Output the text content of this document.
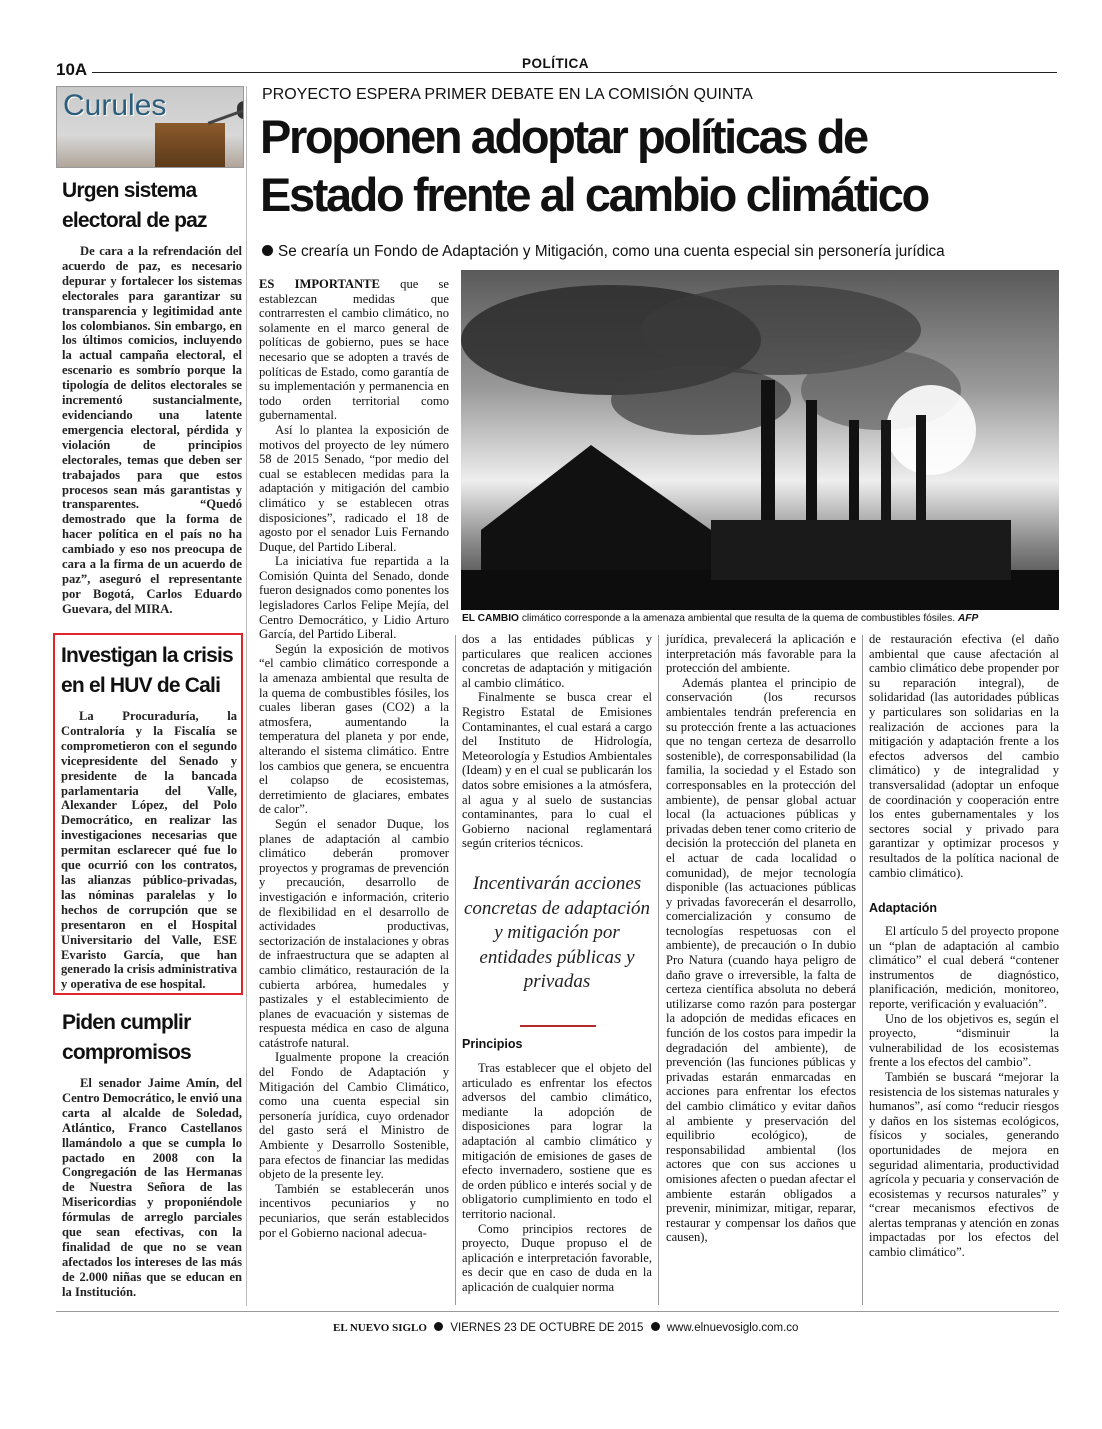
10A	POLÍTICA
Curules
Urgen sistema
electoral de paz

De cara a la refrendación del acuerdo de paz, es necesario depurar y fortalecer los sistemas electorales para garantizar su transparencia y legitimidad ante los colombianos. Sin embargo, en los últimos comicios, incluyendo la actual campaña electoral, el escenario es sombrío porque la tipología de delitos electorales se incrementó sustancialmente, evidenciando una latente emergencia electoral, pérdida y violación de principios electorales, temas que deben ser trabajados para que estos procesos sean más garantistas y transparentes. “Quedó demostrado que la forma de hacer política en el país no ha cambiado y eso nos preocupa de cara a la firma de un acuerdo de paz”, aseguró el representante por Bogotá, Carlos Eduardo Guevara, del MIRA.

Investigan la crisis
en el HUV de Cali

La Procuraduría, la Contraloría y la Fiscalía se comprometieron con el segundo vicepresidente del Senado y presidente de la bancada parlamentaria del Valle, Alexander López, del Polo Democrático, en realizar las investigaciones necesarias que permitan esclarecer qué fue lo que ocurrió con los contratos, las alianzas público-privadas, las nóminas paralelas y lo hechos de corrupción que se presentaron en el Hospital Universitario del Valle, ESE Evaristo García, que han generado la crisis administrativa y operativa de ese hospital.

Piden cumplir
compromisos

El senador Jaime Amín, del Centro Democrático, le envió una carta al alcalde de Soledad, Atlántico, Franco Castellanos llamándolo a que se cumpla lo pactado en 2008 con la Congregación de las Hermanas de Nuestra Señora de las Misericordias y proponiéndole fórmulas de arreglo parciales que sean efectivas, con la finalidad de que no se vean afectados los intereses de las más de 2.000 niñas que se educan en la Institución.

PROYECTO ESPERA PRIMER DEBATE EN LA COMISIÓN QUINTA
Proponen adoptar políticas de
Estado frente al cambio climático
Se crearía un Fondo de Adaptación y Mitigación, como una cuenta especial sin personería jurídica
EL CAMBIO climático corresponde a la amenaza ambiental que resulta de la quema de combustibles fósiles. AFP

ES IMPORTANTE que se establezcan medidas que contrarresten el cambio climático, no solamente en el marco general de políticas de gobierno, pues se hace necesario que se adopten a través de políticas de Estado, como garantía de su implementación y permanencia en todo orden territorial como gubernamental.

Así lo plantea la exposición de motivos del proyecto de ley número 58 de 2015 Senado, “por medio del cual se establecen medidas para la adaptación y mitigación del cambio climático y se establecen otras disposiciones”, radicado el 18 de agosto por el senador Luis Fernando Duque, del Partido Liberal.

La iniciativa fue repartida a la Comisión Quinta del Senado, donde fueron designados como ponentes los legisladores Carlos Felipe Mejía, del Centro Democrático, y Lidio Arturo García, del Partido Liberal.

Según la exposición de motivos “el cambio climático corresponde a la amenaza ambiental que resulta de la quema de combustibles fósiles, los cuales liberan gases (CO2) a la atmosfera, aumentando la temperatura del planeta y por ende, alterando el sistema climático. Entre los cambios que genera, se encuentra el colapso de ecosistemas, derretimiento de glaciares, embates de calor”.

Según el senador Duque, los planes de adaptación al cambio climático deberán promover proyectos y programas de prevención y precaución, desarrollo de investigación e información, criterio de flexibilidad en el desarrollo de actividades productivas, sectorización de instalaciones y obras de infraestructura que se adapten al cambio climático, restauración de la cubierta arbórea, humedales y pastizales y el establecimiento de planes de evacuación y sistemas de respuesta médica en caso de alguna catástrofe natural.

Igualmente propone la creación del Fondo de Adaptación y Mitigación del Cambio Climático, como una cuenta especial sin personería jurídica, cuyo ordenador del gasto será el Ministro de Ambiente y Desarrollo Sostenible, para efectos de financiar las medidas objeto de la presente ley.

También se establecerán unos incentivos pecuniarios y no pecuniarios, que serán establecidos por el Gobierno nacional adecua-

dos a las entidades públicas y particulares que realicen acciones concretas de adaptación y mitigación al cambio climático.

Finalmente se busca crear el Registro Estatal de Emisiones Contaminantes, el cual estará a cargo del Instituto de Hidrología, Meteorología y Estudios Ambientales (Ideam) y en el cual se publicarán los datos sobre emisiones a la atmósfera, al agua y al suelo de sustancias contaminantes, para lo cual el Gobierno nacional reglamentará según criterios técnicos.

Incentivarán acciones concretas de adaptación y mitigación por entidades públicas y privadas
Principios

Tras establecer que el objeto del articulado es enfrentar los efectos adversos del cambio climático, mediante la adopción de disposiciones para lograr la adaptación al cambio climático y mitigación de emisiones de gases de efecto invernadero, sostiene que es de orden público e interés social y de obligatorio cumplimiento en todo el territorio nacional.

Como principios rectores de proyecto, Duque propuso el de aplicación e interpretación favorable, es decir que en caso de duda en la aplicación de cualquier norma

jurídica, prevalecerá la aplicación e interpretación más favorable para la protección del ambiente.

Además plantea el principio de conservación (los recursos ambientales tendrán preferencia en su protección frente a las actuaciones que no tengan certeza de desarrollo sostenible), de corresponsabilidad (la familia, la sociedad y el Estado son corresponsables en la protección del ambiente), de pensar global actuar local (la actuaciones públicas y privadas deben tener como criterio de decisión la protección del planeta en el actuar de cada localidad o comunidad), de mejor tecnología disponible (las actuaciones públicas y privadas favorecerán el desarrollo, comercialización y consumo de tecnologías respetuosas con el ambiente), de precaución o In dubio Pro Natura (cuando haya peligro de daño grave o irreversible, la falta de certeza científica absoluta no deberá utilizarse como razón para postergar la adopción de medidas eficaces en función de los costos para impedir la degradación del ambiente), de prevención (las funciones públicas y privadas estarán enmarcadas en acciones para enfrentar los efectos del cambio climático y evitar daños al ambiente y preservación del equilibrio ecológico), de responsabilidad ambiental (los actores que con sus acciones u omisiones afecten o puedan afectar el ambiente estarán obligados a prevenir, minimizar, mitigar, reparar, restaurar y compensar los daños que causen),

de restauración efectiva (el daño ambiental que cause afectación al cambio climático debe propender por su reparación integral), de solidaridad (las autoridades públicas y particulares son solidarias en la realización de acciones para la mitigación y adaptación frente a los efectos adversos del cambio climático) y de integralidad y transversalidad (adoptar un enfoque de coordinación y cooperación entre los entes gubernamentales y los sectores social y privado para garantizar y optimizar procesos y resultados de la política nacional de cambio climático).

Adaptación

El artículo 5 del proyecto propone un “plan de adaptación al cambio climático” el cual deberá “contener instrumentos de diagnóstico, planificación, medición, monitoreo, reporte, verificación y evaluación”.

Uno de los objetivos es, según el proyecto, “disminuir la vulnerabilidad de los ecosistemas frente a los efectos del cambio”.

También se buscará “mejorar la resistencia de los sistemas naturales y humanos”, así como “reducir riesgos y daños en los sistemas ecológicos, físicos y sociales, generando oportunidades de mejora en seguridad alimentaria, productividad agrícola y pecuaria y conservación de ecosistemas y recursos naturales” y “crear mecanismos efectivos de alertas tempranas y atención en zonas impactadas por los efectos del cambio climático”.

EL NUEVO SIGLO VIERNES 23 DE OCTUBRE DE 2015 www.elnuevosiglo.com.co
